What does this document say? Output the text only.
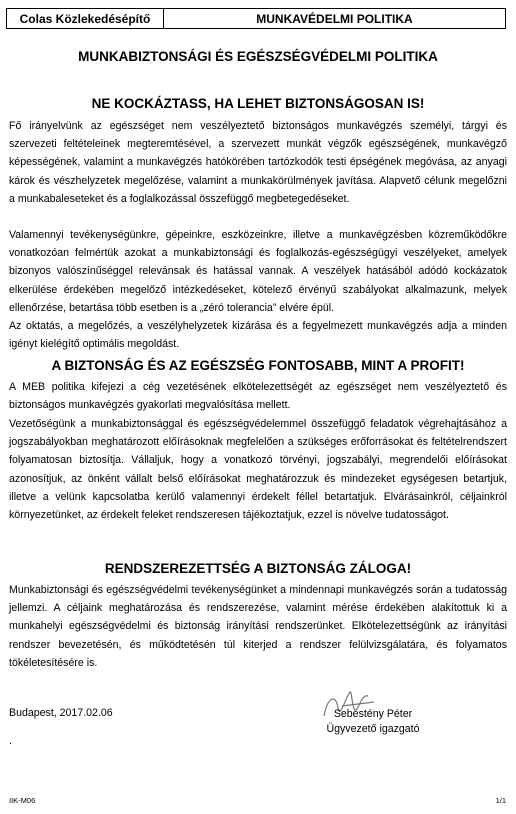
Colas Közlekedésépítő	MUNKAVÉDELMI POLITIKA
MUNKABIZTONSÁGI ÉS EGÉSZSÉGVÉDELMI POLITIKA
NE KOCKÁZTASS, HA LEHET BIZTONSÁGOSAN IS!
Fő irányelvünk az egészséget nem veszélyeztető biztonságos munkavégzés személyi, tárgyi és szervezeti feltételeinek megteremtésével, a szervezett munkát végzők egészségének, munkavégző képességének, valamint a munkavégzés hatókörében tartózkodók testi épségének megóvása, az anyagi károk és vészhelyzetek megelőzése, valamint a munkakörülmények javítása. Alapvető célunk megelőzni a munkabaleseteket és a foglalkozással összefüggő megbetegedéseket.
Valamennyi tevékenységünkre, gépeinkre, eszközeinkre, illetve a munkavégzésben közreműködőkre vonatkozóan felmértük azokat a munkabiztonsági és foglalkozás-egészségügyi veszélyeket, amelyek bizonyos valószínűséggel relevánsak és hatással vannak. A veszélyek hatásából adódó kockázatok elkerülése érdekében megelőző intézkedéseket, kötelező érvényű szabályokat alkalmazunk, melyek ellenőrzése, betartása több esetben is a „zéró tolerancia” elvére épül.
Az oktatás, a megelőzés, a veszélyhelyzetek kizárása és a fegyelmezett munkavégzés adja a minden igényt kielégítő optimális megoldást.
A BIZTONSÁG ÉS AZ EGÉSZSÉG FONTOSABB, MINT A PROFIT!
A MEB politika kifejezi a cég vezetésének elkötelezettségét az egészséget nem veszélyeztető és biztonságos munkavégzés gyakorlati megvalósítása mellett.
Vezetőségünk a munkabiztonsággal és egészségvédelemmel összefüggő feladatok végrehajtásához a jogszabályokban meghatározott előírásoknak megfelelően a szükséges erőforrásokat és feltételrendszert folyamatosan biztosítja. Vállaljuk, hogy a vonatkozó törvényi, jogszabályi, megrendelői előírásokat azonosítjuk, az önként vállalt belső előírásokat meghatározzuk és mindezeket egységesen betartjuk, illetve a velünk kapcsolatba kerülő valamennyi érdekelt féllel betartatjuk. Elvárásainkról, céljainkról környezetünket, az érdekelt feleket rendszeresen tájékoztatjuk, ezzel is növelve tudatosságot.
RENDSZEREZETTSÉG A BIZTONSÁG ZÁLOGA!
Munkabiztonsági és egészségvédelmi tevékenységünket a mindennapi munkavégzés során a tudatosság jellemzi. A céljaink meghatározása és rendszerezése, valamint mérése érdekében alakítottuk ki a munkahelyi egészségvédelmi és biztonság irányítási rendszerünket. Elkötelezettségünk az irányítási rendszer bevezetésén, és működtetésén túl kiterjed a rendszer felülvizsgálatára, és folyamatos tökéletesítésére is.
Budapest, 2017.02.06	Sebestény Péter
Ügyvezető igazgató
.
IIK-M06	1/1
